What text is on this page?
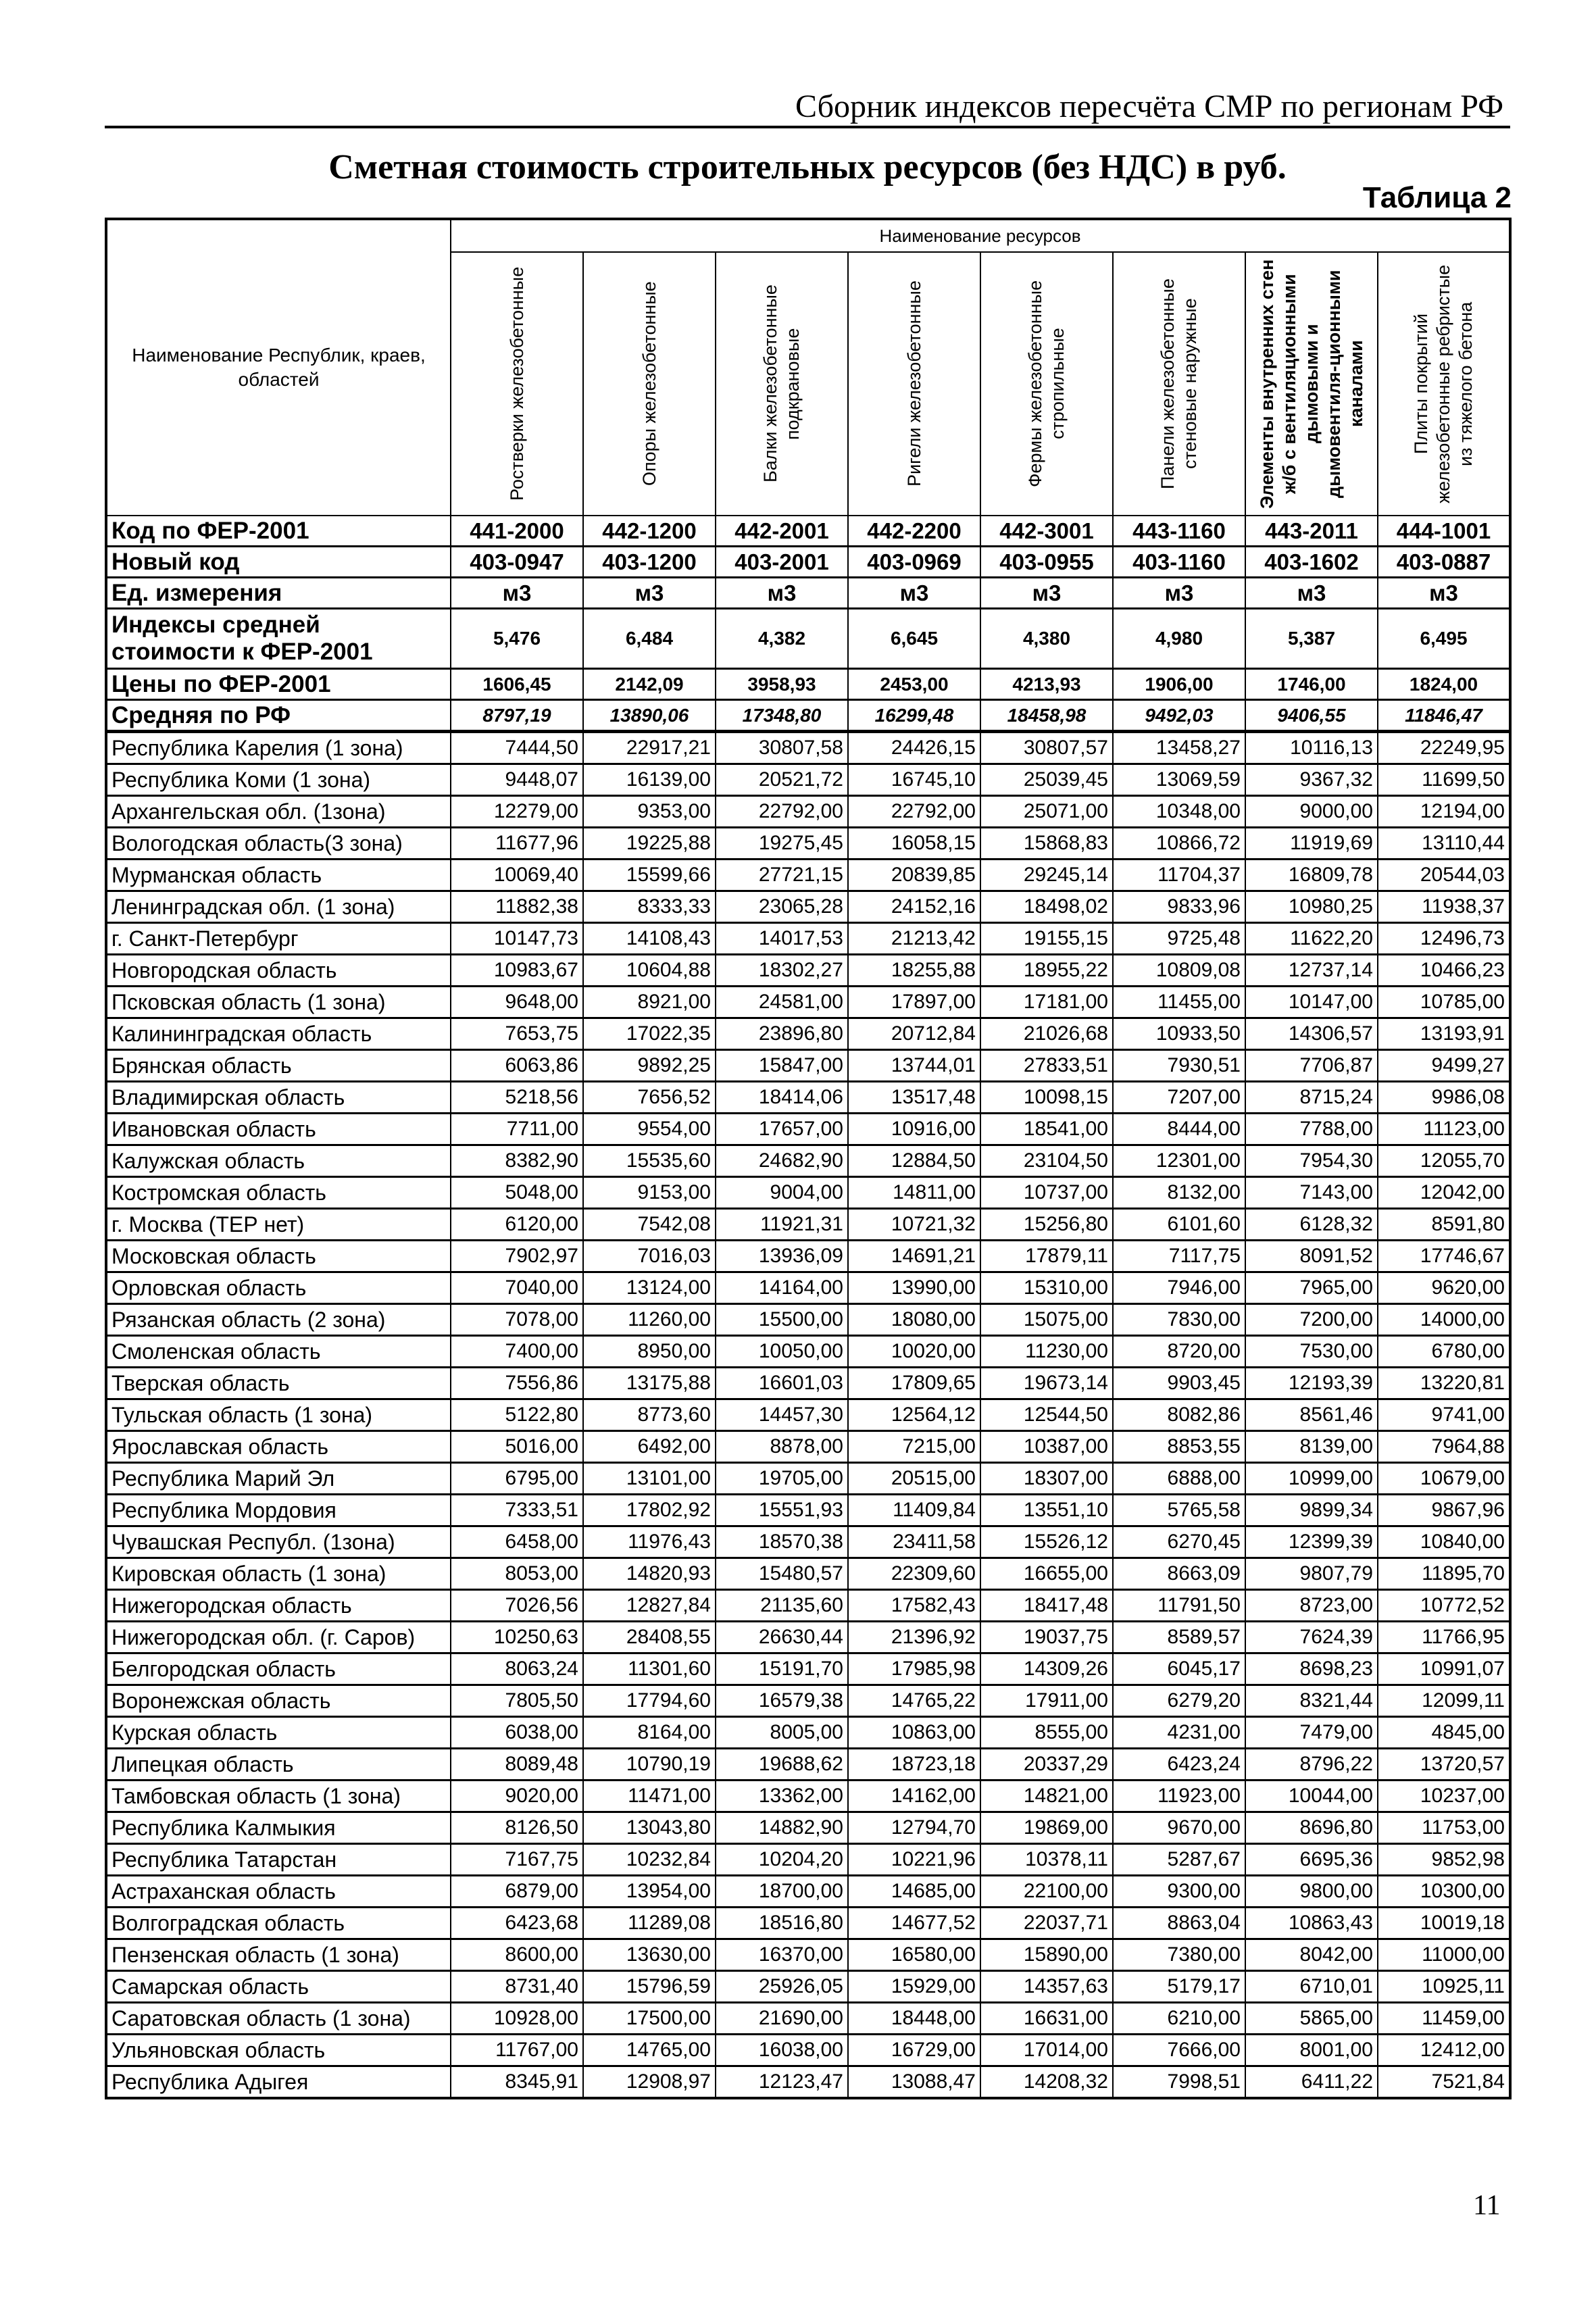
Сборник индексов пересчёта СМР по регионам РФ
Сметная стоимость строительных ресурсов (без НДС) в руб.
Таблица 2
Наименование Республик, краев, областей	Наименование ресурсов							

Ростверки железобетонные	Опоры железобетонные	Балки железобетонные подкрановые	Ригели железобетонные	Фермы железобетонные стропильные	Панели железобетонные стеновые наружные	Элементы внутренних стен ж/б с вентиляционными дымовыми и дымовентиля-ционными каналами	Плиты покрытий железобетонные ребристые из тяжелого бетона

Код по ФЕР-2001	441-2000	442-1200	442-2001	442-2200	442-3001	443-1160	443-2011	444-1001
Новый код	403-0947	403-1200	403-2001	403-0969	403-0955	403-1160	403-1602	403-0887
Ед. измерения	м3	м3	м3	м3	м3	м3	м3	м3
Индексы средней стоимости к ФЕР-2001	5,476	6,484	4,382	6,645	4,380	4,980	5,387	6,495
Цены по ФЕР-2001	1606,45	2142,09	3958,93	2453,00	4213,93	1906,00	1746,00	1824,00
Средняя по РФ	8797,19	13890,06	17348,80	16299,48	18458,98	9492,03	9406,55	11846,47
Республика Карелия (1 зона)	7444,50	22917,21	30807,58	24426,15	30807,57	13458,27	10116,13	22249,95
Республика Коми (1 зона)	9448,07	16139,00	20521,72	16745,10	25039,45	13069,59	9367,32	11699,50
Архангельская обл. (1зона)	12279,00	9353,00	22792,00	22792,00	25071,00	10348,00	9000,00	12194,00
Вологодская область(3 зона)	11677,96	19225,88	19275,45	16058,15	15868,83	10866,72	11919,69	13110,44
Мурманская область	10069,40	15599,66	27721,15	20839,85	29245,14	11704,37	16809,78	20544,03
Ленинградская обл. (1 зона)	11882,38	8333,33	23065,28	24152,16	18498,02	9833,96	10980,25	11938,37
г. Санкт-Петербург	10147,73	14108,43	14017,53	21213,42	19155,15	9725,48	11622,20	12496,73
Новгородская область	10983,67	10604,88	18302,27	18255,88	18955,22	10809,08	12737,14	10466,23
Псковская область (1 зона)	9648,00	8921,00	24581,00	17897,00	17181,00	11455,00	10147,00	10785,00
Калининградская область	7653,75	17022,35	23896,80	20712,84	21026,68	10933,50	14306,57	13193,91
Брянская область	6063,86	9892,25	15847,00	13744,01	27833,51	7930,51	7706,87	9499,27
Владимирская область	5218,56	7656,52	18414,06	13517,48	10098,15	7207,00	8715,24	9986,08
Ивановская область	7711,00	9554,00	17657,00	10916,00	18541,00	8444,00	7788,00	11123,00
Калужская область	8382,90	15535,60	24682,90	12884,50	23104,50	12301,00	7954,30	12055,70
Костромская область	5048,00	9153,00	9004,00	14811,00	10737,00	8132,00	7143,00	12042,00
г. Москва (ТЕР нет)	6120,00	7542,08	11921,31	10721,32	15256,80	6101,60	6128,32	8591,80
Московская область	7902,97	7016,03	13936,09	14691,21	17879,11	7117,75	8091,52	17746,67
Орловская область	7040,00	13124,00	14164,00	13990,00	15310,00	7946,00	7965,00	9620,00
Рязанская область (2 зона)	7078,00	11260,00	15500,00	18080,00	15075,00	7830,00	7200,00	14000,00
Смоленская область	7400,00	8950,00	10050,00	10020,00	11230,00	8720,00	7530,00	6780,00
Тверская область	7556,86	13175,88	16601,03	17809,65	19673,14	9903,45	12193,39	13220,81
Тульская область (1 зона)	5122,80	8773,60	14457,30	12564,12	12544,50	8082,86	8561,46	9741,00
Ярославская область	5016,00	6492,00	8878,00	7215,00	10387,00	8853,55	8139,00	7964,88
Республика Марий Эл	6795,00	13101,00	19705,00	20515,00	18307,00	6888,00	10999,00	10679,00
Республика Мордовия	7333,51	17802,92	15551,93	11409,84	13551,10	5765,58	9899,34	9867,96
Чувашская Республ. (1зона)	6458,00	11976,43	18570,38	23411,58	15526,12	6270,45	12399,39	10840,00
Кировская область (1 зона)	8053,00	14820,93	15480,57	22309,60	16655,00	8663,09	9807,79	11895,70
Нижегородская область	7026,56	12827,84	21135,60	17582,43	18417,48	11791,50	8723,00	10772,52
Нижегородская обл. (г. Саров)	10250,63	28408,55	26630,44	21396,92	19037,75	8589,57	7624,39	11766,95
Белгородская область	8063,24	11301,60	15191,70	17985,98	14309,26	6045,17	8698,23	10991,07
Воронежская область	7805,50	17794,60	16579,38	14765,22	17911,00	6279,20	8321,44	12099,11
Курская область	6038,00	8164,00	8005,00	10863,00	8555,00	4231,00	7479,00	4845,00
Липецкая область	8089,48	10790,19	19688,62	18723,18	20337,29	6423,24	8796,22	13720,57
Тамбовская область (1 зона)	9020,00	11471,00	13362,00	14162,00	14821,00	11923,00	10044,00	10237,00
Республика Калмыкия	8126,50	13043,80	14882,90	12794,70	19869,00	9670,00	8696,80	11753,00
Республика Татарстан	7167,75	10232,84	10204,20	10221,96	10378,11	5287,67	6695,36	9852,98
Астраханская область	6879,00	13954,00	18700,00	14685,00	22100,00	9300,00	9800,00	10300,00
Волгоградская область	6423,68	11289,08	18516,80	14677,52	22037,71	8863,04	10863,43	10019,18
Пензенская область (1 зона)	8600,00	13630,00	16370,00	16580,00	15890,00	7380,00	8042,00	11000,00
Самарская область	8731,40	15796,59	25926,05	15929,00	14357,63	5179,17	6710,01	10925,11
Саратовская область (1 зона)	10928,00	17500,00	21690,00	18448,00	16631,00	6210,00	5865,00	11459,00
Ульяновская область	11767,00	14765,00	16038,00	16729,00	17014,00	7666,00	8001,00	12412,00
Республика Адыгея	8345,91	12908,97	12123,47	13088,47	14208,32	7998,51	6411,22	7521,84
11
